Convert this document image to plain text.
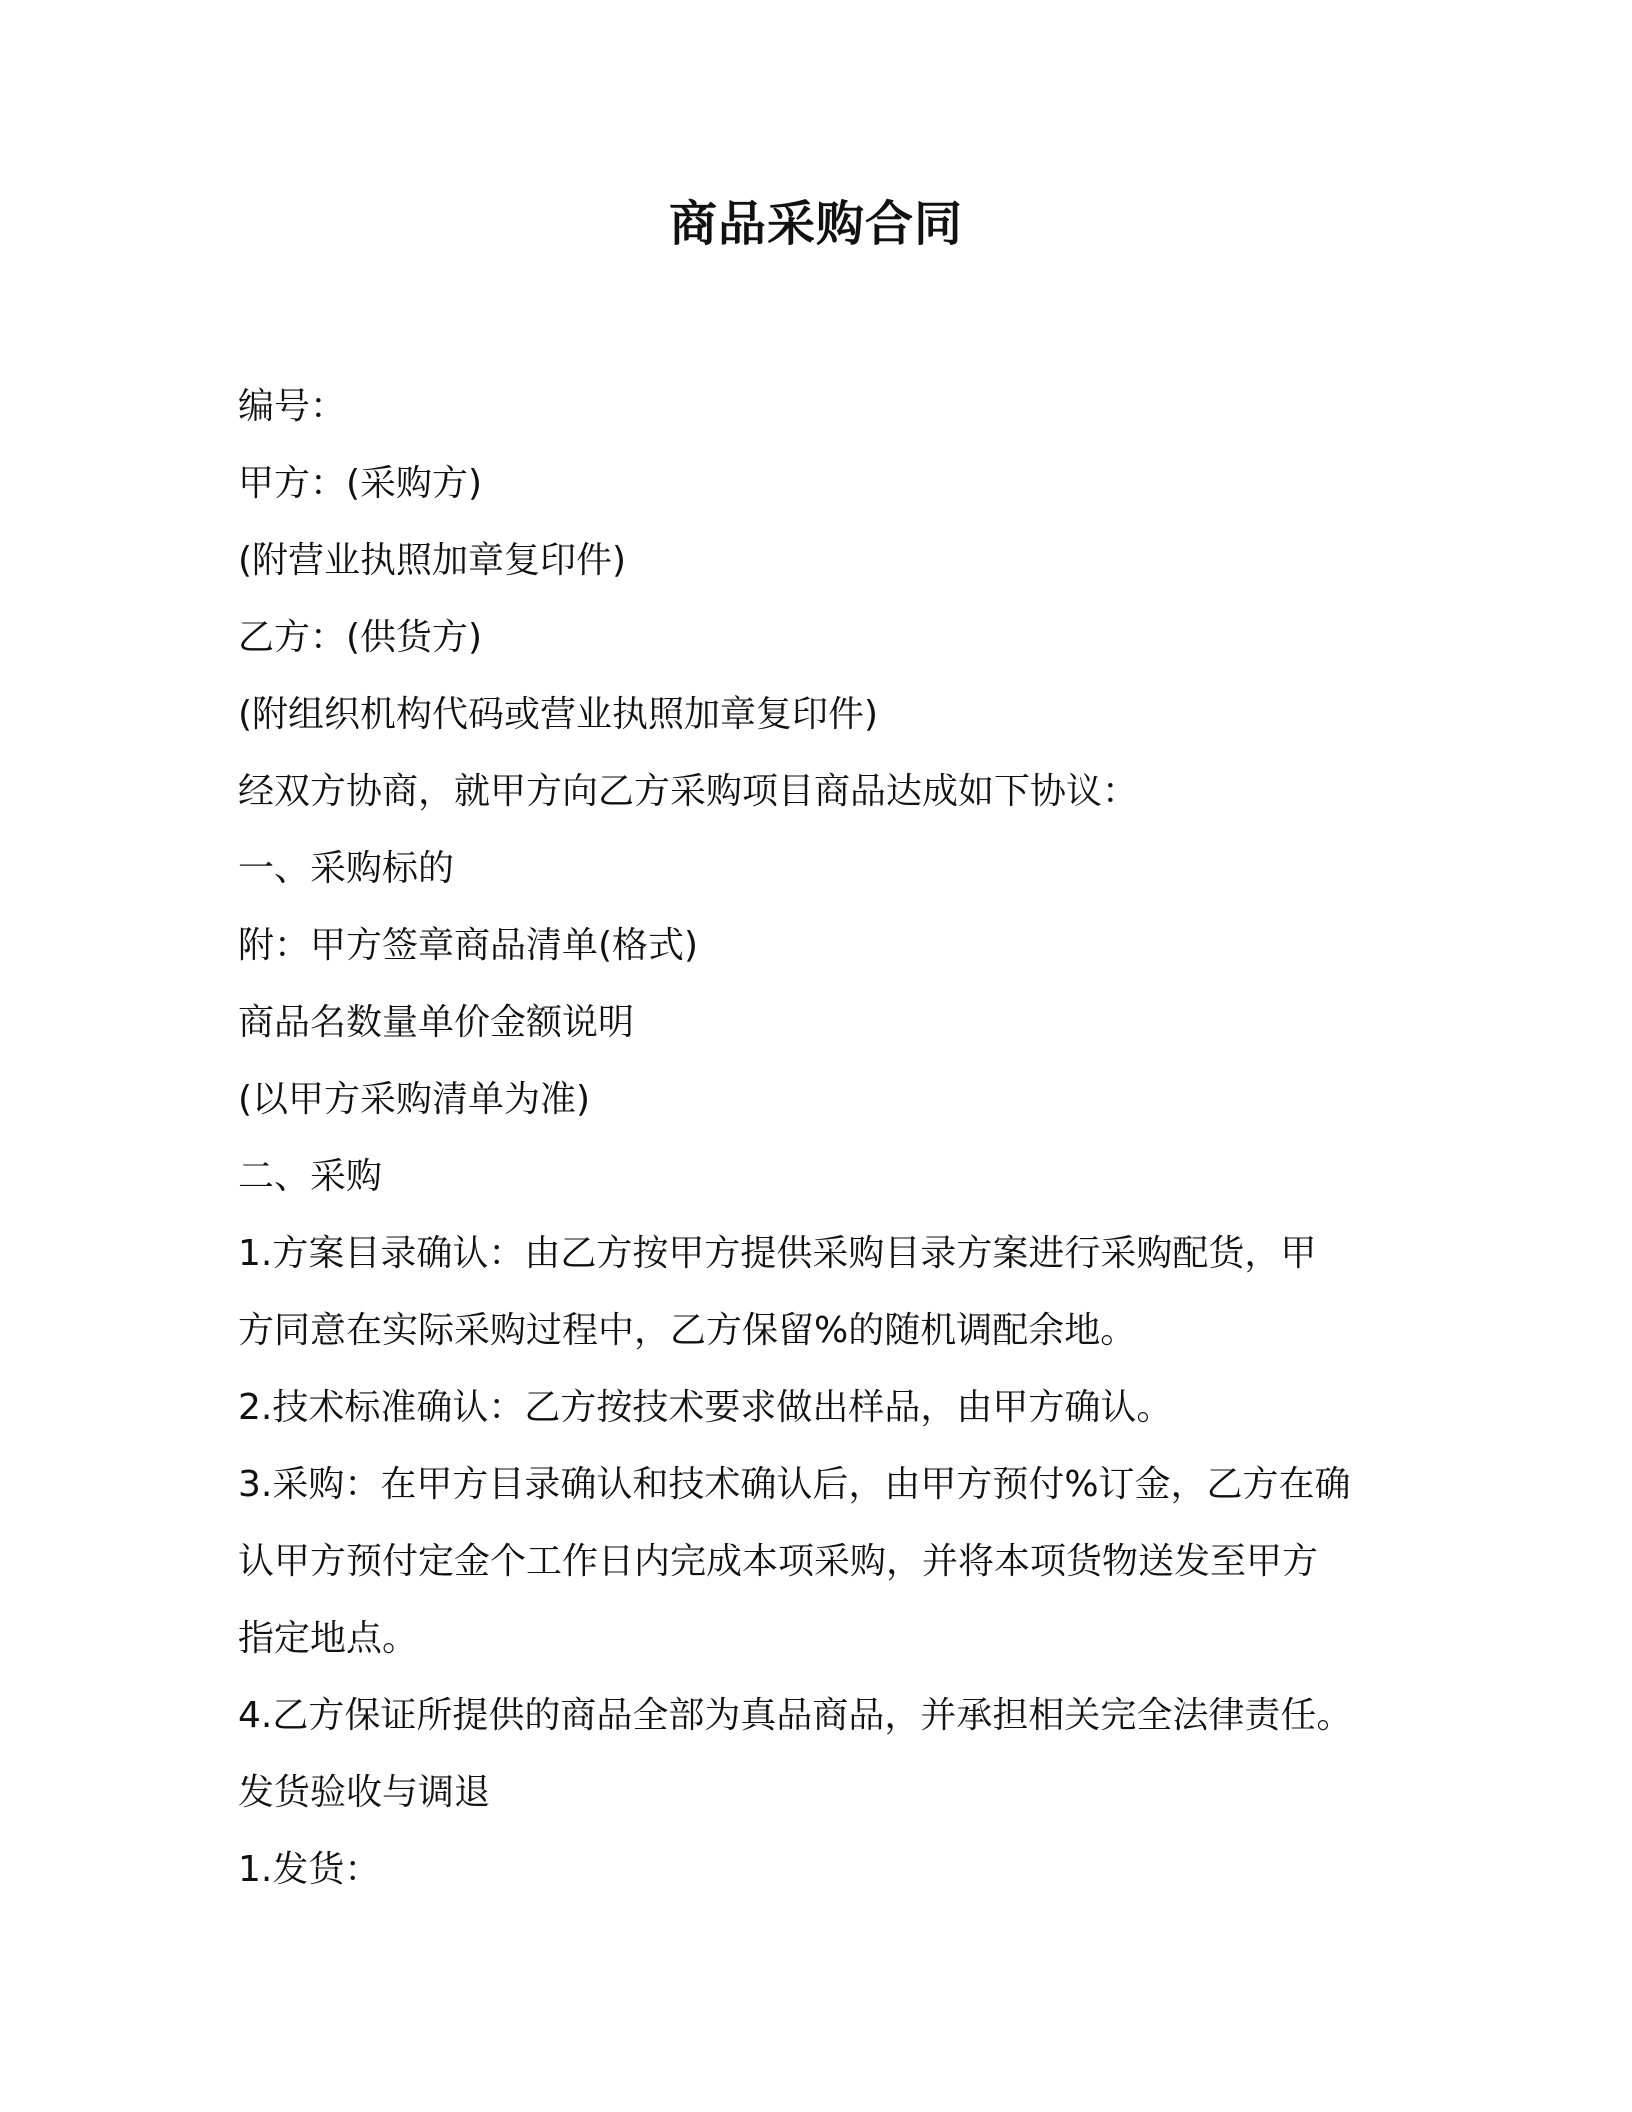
商品采购合同
编号：
甲方：(采购方)
(附营业执照加章复印件)
乙方：(供货方)
(附组织机构代码或营业执照加章复印件)
经双方协商，就甲方向乙方采购项目商品达成如下协议：
一、采购标的
附：甲方签章商品清单(格式)
商品名数量单价金额说明
(以甲方采购清单为准)
二、采购
1.方案目录确认：由乙方按甲方提供采购目录方案进行采购配货，甲
方同意在实际采购过程中，乙方保留%的随机调配余地。
2.技术标准确认：乙方按技术要求做出样品，由甲方确认。
3.采购：在甲方目录确认和技术确认后，由甲方预付%订金，乙方在确
认甲方预付定金个工作日内完成本项采购，并将本项货物送发至甲方
指定地点。
4.乙方保证所提供的商品全部为真品商品，并承担相关完全法律责任。
发货验收与调退
1.发货：
